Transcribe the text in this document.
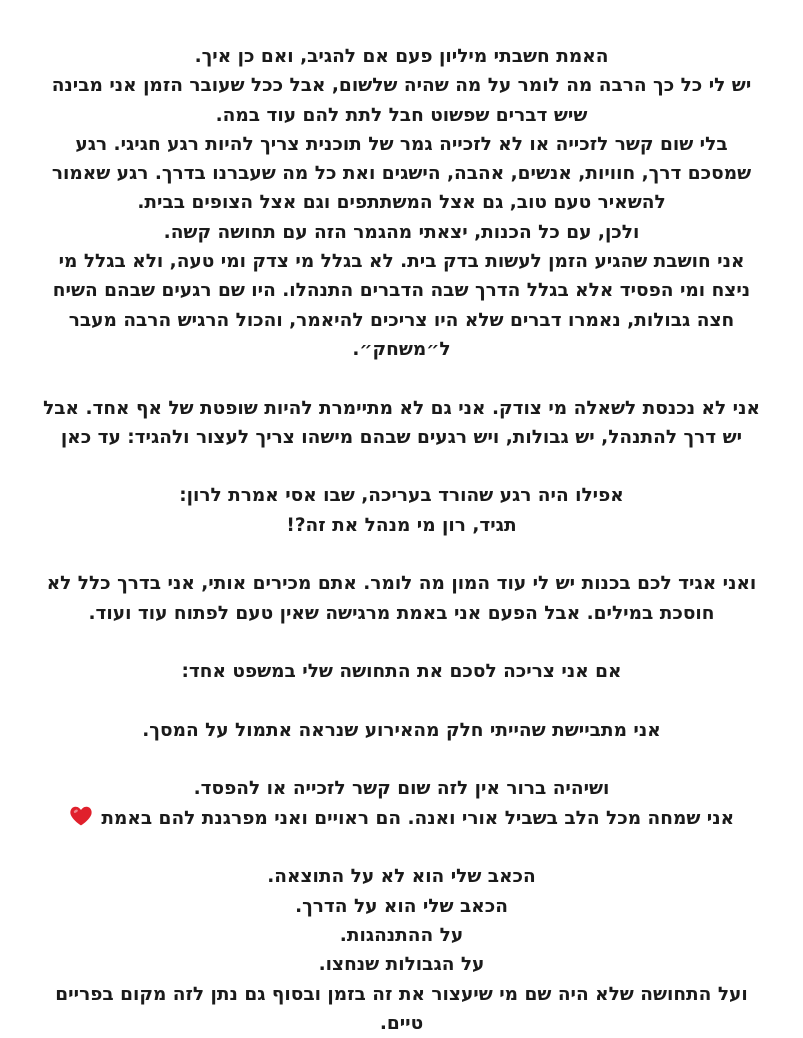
האמת חשבתי מיליון פעם אם להגיב, ואם כן איך.

יש לי כל כך הרבה מה לומר על מה שהיה שלשום, אבל ככל שעובר הזמן אני מבינה

שיש דברים שפשוט חבל לתת להם עוד במה.

בלי שום קשר לזכייה או לא לזכייה גמר של תוכנית צריך להיות רגע חגיגי. רגע

שמסכם דרך, חוויות, אנשים, אהבה, הישגים ואת כל מה שעברנו בדרך. רגע שאמור

להשאיר טעם טוב, גם אצל המשתתפים וגם אצל הצופים בבית.

ולכן, עם כל הכנות, יצאתי מהגמר הזה עם תחושה קשה.

אני חושבת שהגיע הזמן לעשות בדק בית. לא בגלל מי צדק ומי טעה, ולא בגלל מי

ניצח ומי הפסיד אלא בגלל הדרך שבה הדברים התנהלו. היו שם רגעים שבהם השיח

חצה גבולות, נאמרו דברים שלא היו צריכים להיאמר, והכול הרגיש הרבה מעבר

ל״משחק״.

אני לא נכנסת לשאלה מי צודק. אני גם לא מתיימרת להיות שופטת של אף אחד. אבל

יש דרך להתנהל, יש גבולות, ויש רגעים שבהם מישהו צריך לעצור ולהגיד: עד כאן

אפילו היה רגע שהורד בעריכה, שבו אסי אמרת לרון:

תגיד, רון מי מנהל את זה?!

ואני אגיד לכם בכנות יש לי עוד המון מה לומר. אתם מכירים אותי, אני בדרך כלל לא

חוסכת במילים. אבל הפעם אני באמת מרגישה שאין טעם לפתוח עוד ועוד.

אם אני צריכה לסכם את התחושה שלי במשפט אחד:

אני מתביישת שהייתי חלק מהאירוע שנראה אתמול על המסך.

ושיהיה ברור אין לזה שום קשר לזכייה או להפסד.

אני שמחה מכל הלב בשביל אורי ואנה. הם ראויים ואני מפרגנת להם באמת

הכאב שלי הוא לא על התוצאה.

הכאב שלי הוא על הדרך.

על ההתנהגות.

על הגבולות שנחצו.

ועל התחושה שלא היה שם מי שיעצור את זה בזמן ובסוף גם נתן לזה מקום בפריים

טיים.
